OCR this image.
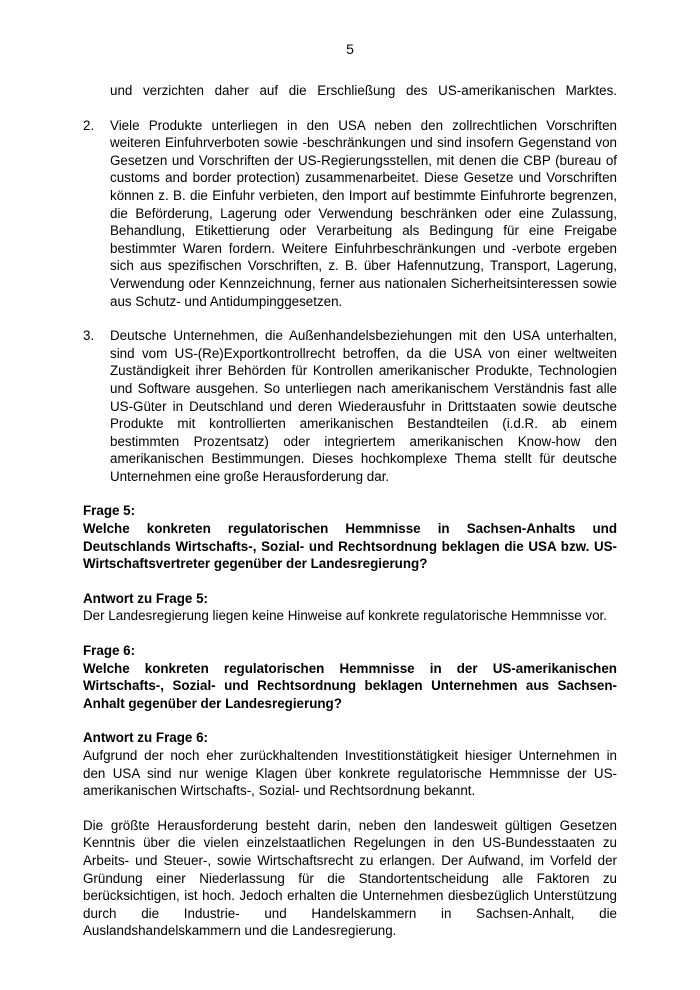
5

und verzichten daher auf die Erschließung des US-amerikanischen Marktes.

2.	Viele Produkte unterliegen in den USA neben den zollrechtlichen Vorschriften weiteren Einfuhrverboten sowie -beschränkungen und sind insofern Gegenstand von Gesetzen und Vorschriften der US-Regierungsstellen, mit denen die CBP (bureau of customs and border protection) zusammenarbeitet. Diese Gesetze und Vorschriften können z. B. die Einfuhr verbieten, den Import auf bestimmte Einfuhrorte begrenzen, die Beförderung, Lagerung oder Verwendung beschränken oder eine Zulassung, Behandlung, Etikettierung oder Verarbeitung als Bedingung für eine Freigabe bestimmter Waren fordern. Weitere Einfuhrbeschränkungen und -verbote ergeben sich aus spezifischen Vorschriften, z. B. über Hafennutzung, Transport, Lagerung, Verwendung oder Kennzeichnung, ferner aus nationalen Sicherheitsinteressen sowie aus Schutz- und Antidumpinggesetzen.
3.	Deutsche Unternehmen, die Außenhandelsbeziehungen mit den USA unterhalten, sind vom US-(Re)Exportkontrollrecht betroffen, da die USA von einer weltweiten Zuständigkeit ihrer Behörden für Kontrollen amerikanischer Produkte, Technologien und Software ausgehen. So unterliegen nach amerikanischem Verständnis fast alle US-Güter in Deutschland und deren Wiederausfuhr in Drittstaaten sowie deutsche Produkte mit kontrollierten amerikanischen Bestandteilen (i.d.R. ab einem bestimmten Prozentsatz) oder integriertem amerikanischen Know-how den amerikanischen Bestimmungen. Dieses hochkomplexe Thema stellt für deutsche Unternehmen eine große Herausforderung dar.

Frage 5:

Welche konkreten regulatorischen Hemmnisse in Sachsen-Anhalts und Deutschlands Wirtschafts-, Sozial- und Rechtsordnung beklagen die USA bzw. US-Wirtschaftsvertreter gegenüber der Landesregierung?

Antwort zu Frage 5:

Der Landesregierung liegen keine Hinweise auf konkrete regulatorische Hemmnisse vor.

Frage 6:

Welche konkreten regulatorischen Hemmnisse in der US-amerikanischen Wirtschafts-, Sozial- und Rechtsordnung beklagen Unternehmen aus Sachsen-Anhalt gegenüber der Landesregierung?

Antwort zu Frage 6:

Aufgrund der noch eher zurückhaltenden Investitionstätigkeit hiesiger Unternehmen in den USA sind nur wenige Klagen über konkrete regulatorische Hemmnisse der US-amerikanischen Wirtschafts-, Sozial- und Rechtsordnung bekannt.

Die größte Herausforderung besteht darin, neben den landesweit gültigen Gesetzen Kenntnis über die vielen einzelstaatlichen Regelungen in den US-Bundesstaaten zu Arbeits- und Steuer-, sowie Wirtschaftsrecht zu erlangen. Der Aufwand, im Vorfeld der Gründung einer Niederlassung für die Standortentscheidung alle Faktoren zu berücksichtigen, ist hoch. Jedoch erhalten die Unternehmen diesbezüglich Unterstützung durch die Industrie- und Handelskammern in Sachsen-Anhalt, die Auslandshandelskammern und die Landesregierung.
